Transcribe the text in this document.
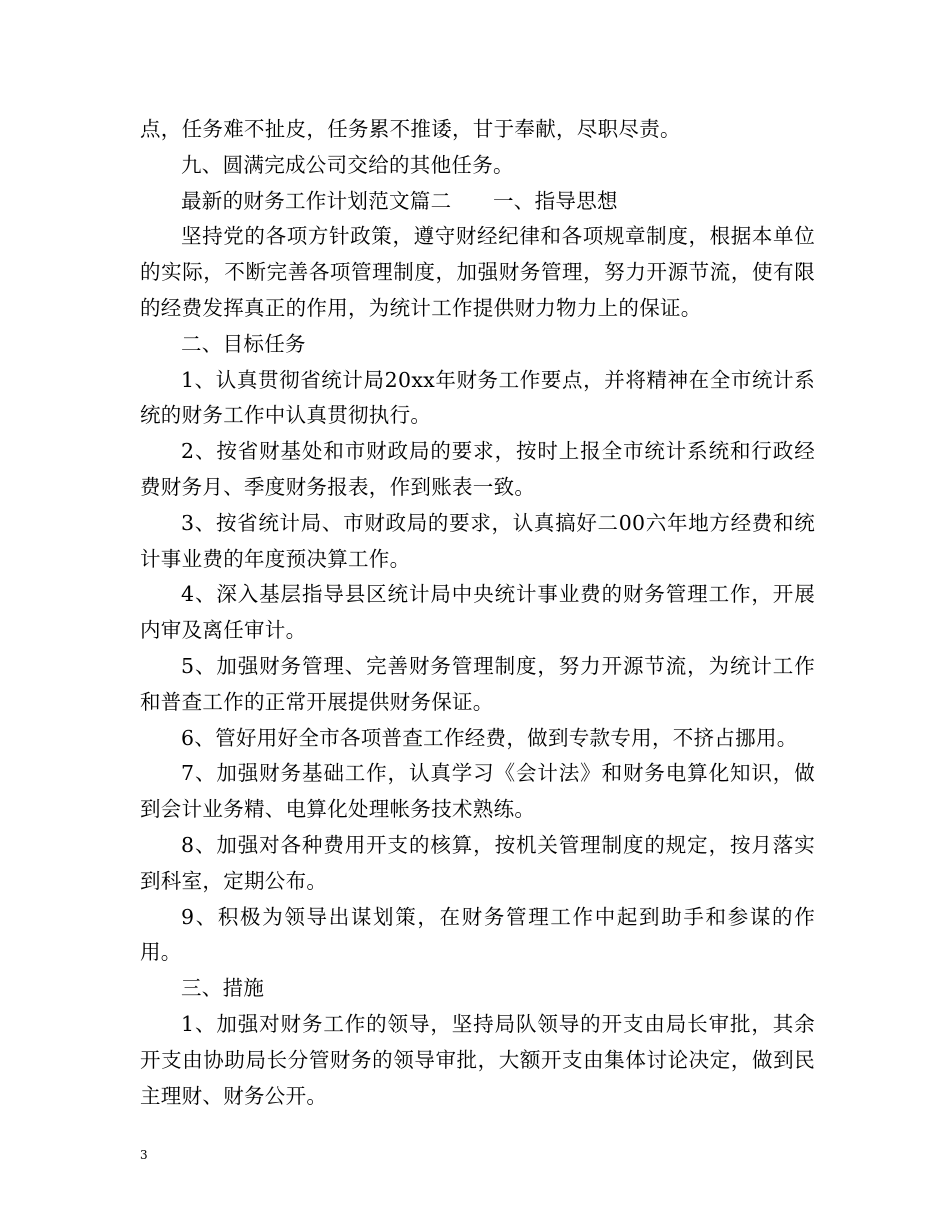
点，任务难不扯皮，任务累不推诿，甘于奉献，尽职尽责。

九、圆满完成公司交给的其他任务。

最新的财务工作计划范文篇二　　一、指导思想

坚持党的各项方针政策，遵守财经纪律和各项规章制度，根据本单位的实际，不断完善各项管理制度，加强财务管理，努力开源节流，使有限的经费发挥真正的作用，为统计工作提供财力物力上的保证。

二、目标任务

1、认真贯彻省统计局20xx年财务工作要点，并将精神在全市统计系统的财务工作中认真贯彻执行。

2、按省财基处和市财政局的要求，按时上报全市统计系统和行政经费财务月、季度财务报表，作到账表一致。

3、按省统计局、市财政局的要求，认真搞好二00六年地方经费和统计事业费的年度预决算工作。

4、深入基层指导县区统计局中央统计事业费的财务管理工作，开展内审及离任审计。

5、加强财务管理、完善财务管理制度，努力开源节流，为统计工作和普查工作的正常开展提供财务保证。

6、管好用好全市各项普查工作经费，做到专款专用，不挤占挪用。

7、加强财务基础工作，认真学习《会计法》和财务电算化知识，做到会计业务精、电算化处理帐务技术熟练。

8、加强对各种费用开支的核算，按机关管理制度的规定，按月落实到科室，定期公布。

9、积极为领导出谋划策，在财务管理工作中起到助手和参谋的作用。

三、措施

1、加强对财务工作的领导，坚持局队领导的开支由局长审批，其余开支由协助局长分管财务的领导审批，大额开支由集体讨论决定，做到民主理财、财务公开。

3
